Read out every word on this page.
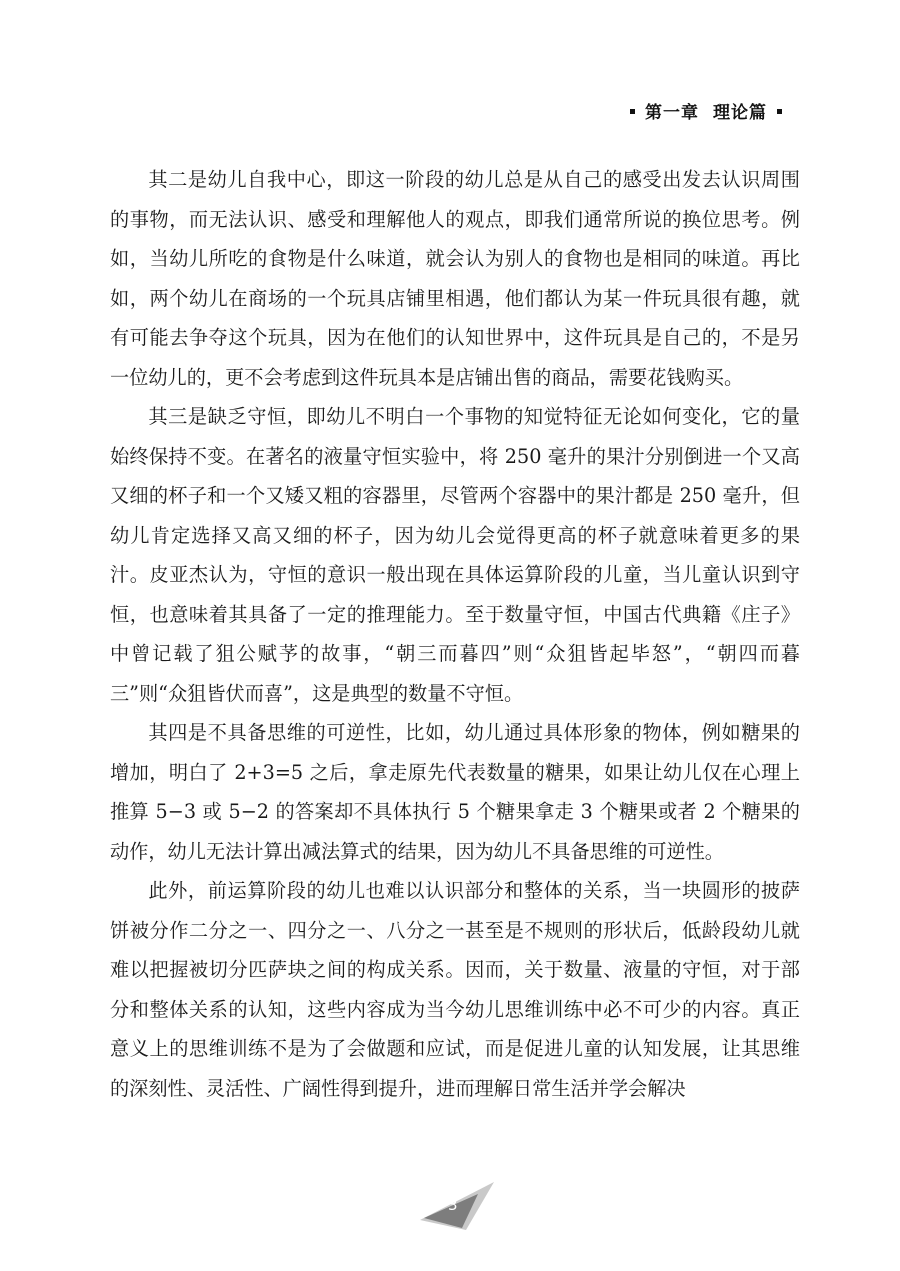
第一章 理论篇

其二是幼儿自我中心，即这一阶段的幼儿总是从自己的感受出发去认识周围的事物，而无法认识、感受和理解他人的观点，即我们通常所说的换位思考。例如，当幼儿所吃的食物是什么味道，就会认为别人的食物也是相同的味道。再比如，两个幼儿在商场的一个玩具店铺里相遇，他们都认为某一件玩具很有趣，就有可能去争夺这个玩具，因为在他们的认知世界中，这件玩具是自己的，不是另一位幼儿的，更不会考虑到这件玩具本是店铺出售的商品，需要花钱购买。

其三是缺乏守恒，即幼儿不明白一个事物的知觉特征无论如何变化，它的量始终保持不变。在著名的液量守恒实验中，将 250 毫升的果汁分别倒进一个又高又细的杯子和一个又矮又粗的容器里，尽管两个容器中的果汁都是 250 毫升，但幼儿肯定选择又高又细的杯子，因为幼儿会觉得更高的杯子就意味着更多的果汁。皮亚杰认为，守恒的意识一般出现在具体运算阶段的儿童，当儿童认识到守恒，也意味着其具备了一定的推理能力。至于数量守恒，中国古代典籍《庄子》中曾记载了狙公赋芧的故事，“朝三而暮四”则“众狙皆起毕怒”，“朝四而暮三”则“众狙皆伏而喜”，这是典型的数量不守恒。

其四是不具备思维的可逆性，比如，幼儿通过具体形象的物体，例如糖果的增加，明白了 2+3=5 之后，拿走原先代表数量的糖果，如果让幼儿仅在心理上推算 5−3 或 5−2 的答案却不具体执行 5 个糖果拿走 3 个糖果或者 2 个糖果的动作，幼儿无法计算出减法算式的结果，因为幼儿不具备思维的可逆性。

此外，前运算阶段的幼儿也难以认识部分和整体的关系，当一块圆形的披萨饼被分作二分之一、四分之一、八分之一甚至是不规则的形状后，低龄段幼儿就难以把握被切分匹萨块之间的构成关系。因而，关于数量、液量的守恒，对于部分和整体关系的认知，这些内容成为当今幼儿思维训练中必不可少的内容。真正意义上的思维训练不是为了会做题和应试，而是促进儿童的认知发展，让其思维的深刻性、灵活性、广阔性得到提升，进而理解日常生活并学会解决

3
